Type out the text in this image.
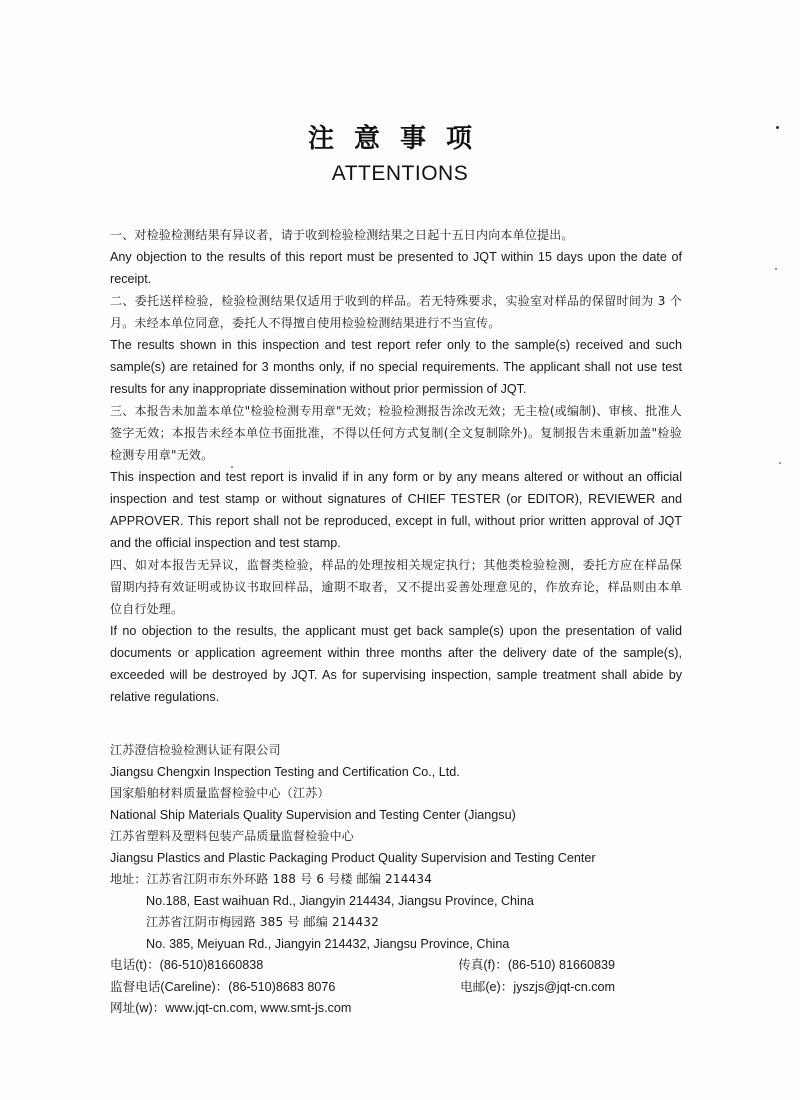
注意事项
ATTENTIONS

一、对检验检测结果有异议者，请于收到检验检测结果之日起十五日内向本单位提出。

Any objection to the results of this report must be presented to JQT within 15 days upon the date of receipt.

二、委托送样检验，检验检测结果仅适用于收到的样品。若无特殊要求，实验室对样品的保留时间为 3 个月。未经本单位同意，委托人不得擅自使用检验检测结果进行不当宣传。

The results shown in this inspection and test report refer only to the sample(s) received and such sample(s) are retained for 3 months only, if no special requirements. The applicant shall not use test results for any inappropriate dissemination without prior permission of JQT.

三、本报告未加盖本单位"检验检测专用章"无效；检验检测报告涂改无效；无主检(或编制)、审核、批准人签字无效；本报告未经本单位书面批准，不得以任何方式复制(全文复制除外)。复制报告未重新加盖"检验检测专用章"无效。

This inspection and test report is invalid if in any form or by any means altered or without an official inspection and test stamp or without signatures of CHIEF TESTER (or EDITOR), REVIEWER and APPROVER. This report shall not be reproduced, except in full, without prior written approval of JQT and the official inspection and test stamp.

四、如对本报告无异议，监督类检验，样品的处理按相关规定执行；其他类检验检测，委托方应在样品保留期内持有效证明或协议书取回样品，逾期不取者，又不提出妥善处理意见的，作放弃论，样品则由本单位自行处理。

If no objection to the results, the applicant must get back sample(s) upon the presentation of valid documents or application agreement within three months after the delivery date of the sample(s), exceeded will be destroyed by JQT. As for supervising inspection, sample treatment shall abide by relative regulations.

江苏澄信检验检测认证有限公司
Jiangsu Chengxin Inspection Testing and Certification Co., Ltd.
国家船舶材料质量监督检验中心（江苏）
National Ship Materials Quality Supervision and Testing Center (Jiangsu)
江苏省塑料及塑料包装产品质量监督检验中心
Jiangsu Plastics and Plastic Packaging Product Quality Supervision and Testing Center
地址：江苏省江阴市东外环路 188 号 6 号楼 邮编 214434
No.188, East waihuan Rd., Jiangyin 214434, Jiangsu Province, China
江苏省江阴市梅园路 385 号 邮编 214432
No. 385, Meiyuan Rd., Jiangyin 214432, Jiangsu Province, China
电话(t)：(86-510)81660838	传真(f)：(86-510) 81660839
监督电话(Careline)：(86-510)8683 8076	电邮(e)：jyszjs@jqt-cn.com
网址(w)：www.jqt-cn.com, www.smt-js.com
